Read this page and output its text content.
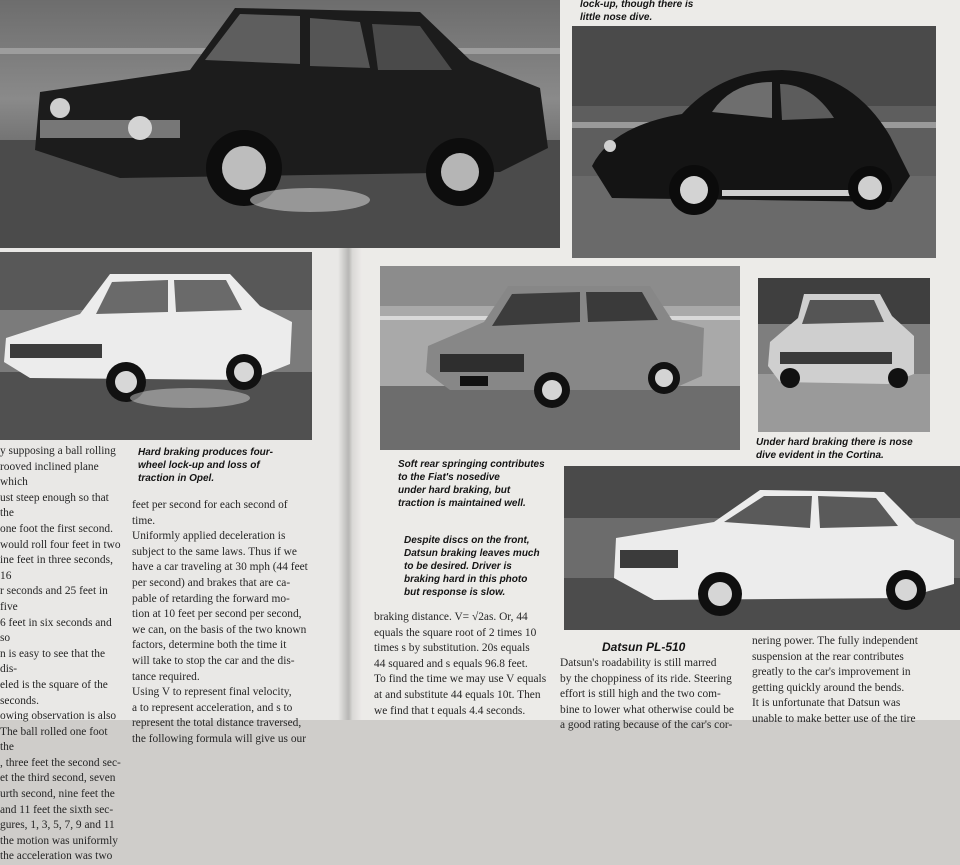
lock-up, though there is
little nose dive.

Hard braking produces four-
wheel lock-up and loss of
traction in Opel.

Soft rear springing contributes
to the Fiat's nosedive
under hard braking, but
traction is maintained well.

Under hard braking there is nose
dive evident in the Cortina.

Despite discs on the front,
Datsun braking leaves much
to be desired. Driver is
braking hard in this photo
but response is slow.

y supposing a ball rolling
rooved inclined plane which
ust steep enough so that the
one foot the first second.
would roll four feet in two
ine feet in three seconds, 16
r seconds and 25 feet in five
6 feet in six seconds and so
n is easy to see that the dis-
eled is the square of the
seconds.
owing observation is also
The ball rolled one foot the
, three feet the second sec-
et the third second, seven
urth second, nine feet the
and 11 feet the sixth sec-
gures, 1, 3, 5, 7, 9 and 11
the motion was uniformly
the acceleration was two

feet per second for each second of
time.
Uniformly applied deceleration is
subject to the same laws. Thus if we
have a car traveling at 30 mph (44 feet
per second) and brakes that are ca-
pable of retarding the forward mo-
tion at 10 feet per second per second,
we can, on the basis of the two known
factors, determine both the time it
will take to stop the car and the dis-
tance required.
Using V to represent final velocity,
a to represent acceleration, and s to
represent the total distance traversed,
the following formula will give us our

braking distance. V= √2as. Or, 44
equals the square root of 2 times 10
times s by substitution. 20s equals
44 squared and s equals 96.8 feet.
To find the time we may use V equals
at and substitute 44 equals 10t. Then
we find that t equals 4.4 seconds.

Datsun PL-510

Datsun's roadability is still marred
by the choppiness of its ride. Steering
effort is still high and the two com-
bine to lower what otherwise could be
a good rating because of the car's cor-

nering power. The fully independent
suspension at the rear contributes
greatly to the car's improvement in
getting quickly around the bends.
It is unfortunate that Datsun was
unable to make better use of the tire
